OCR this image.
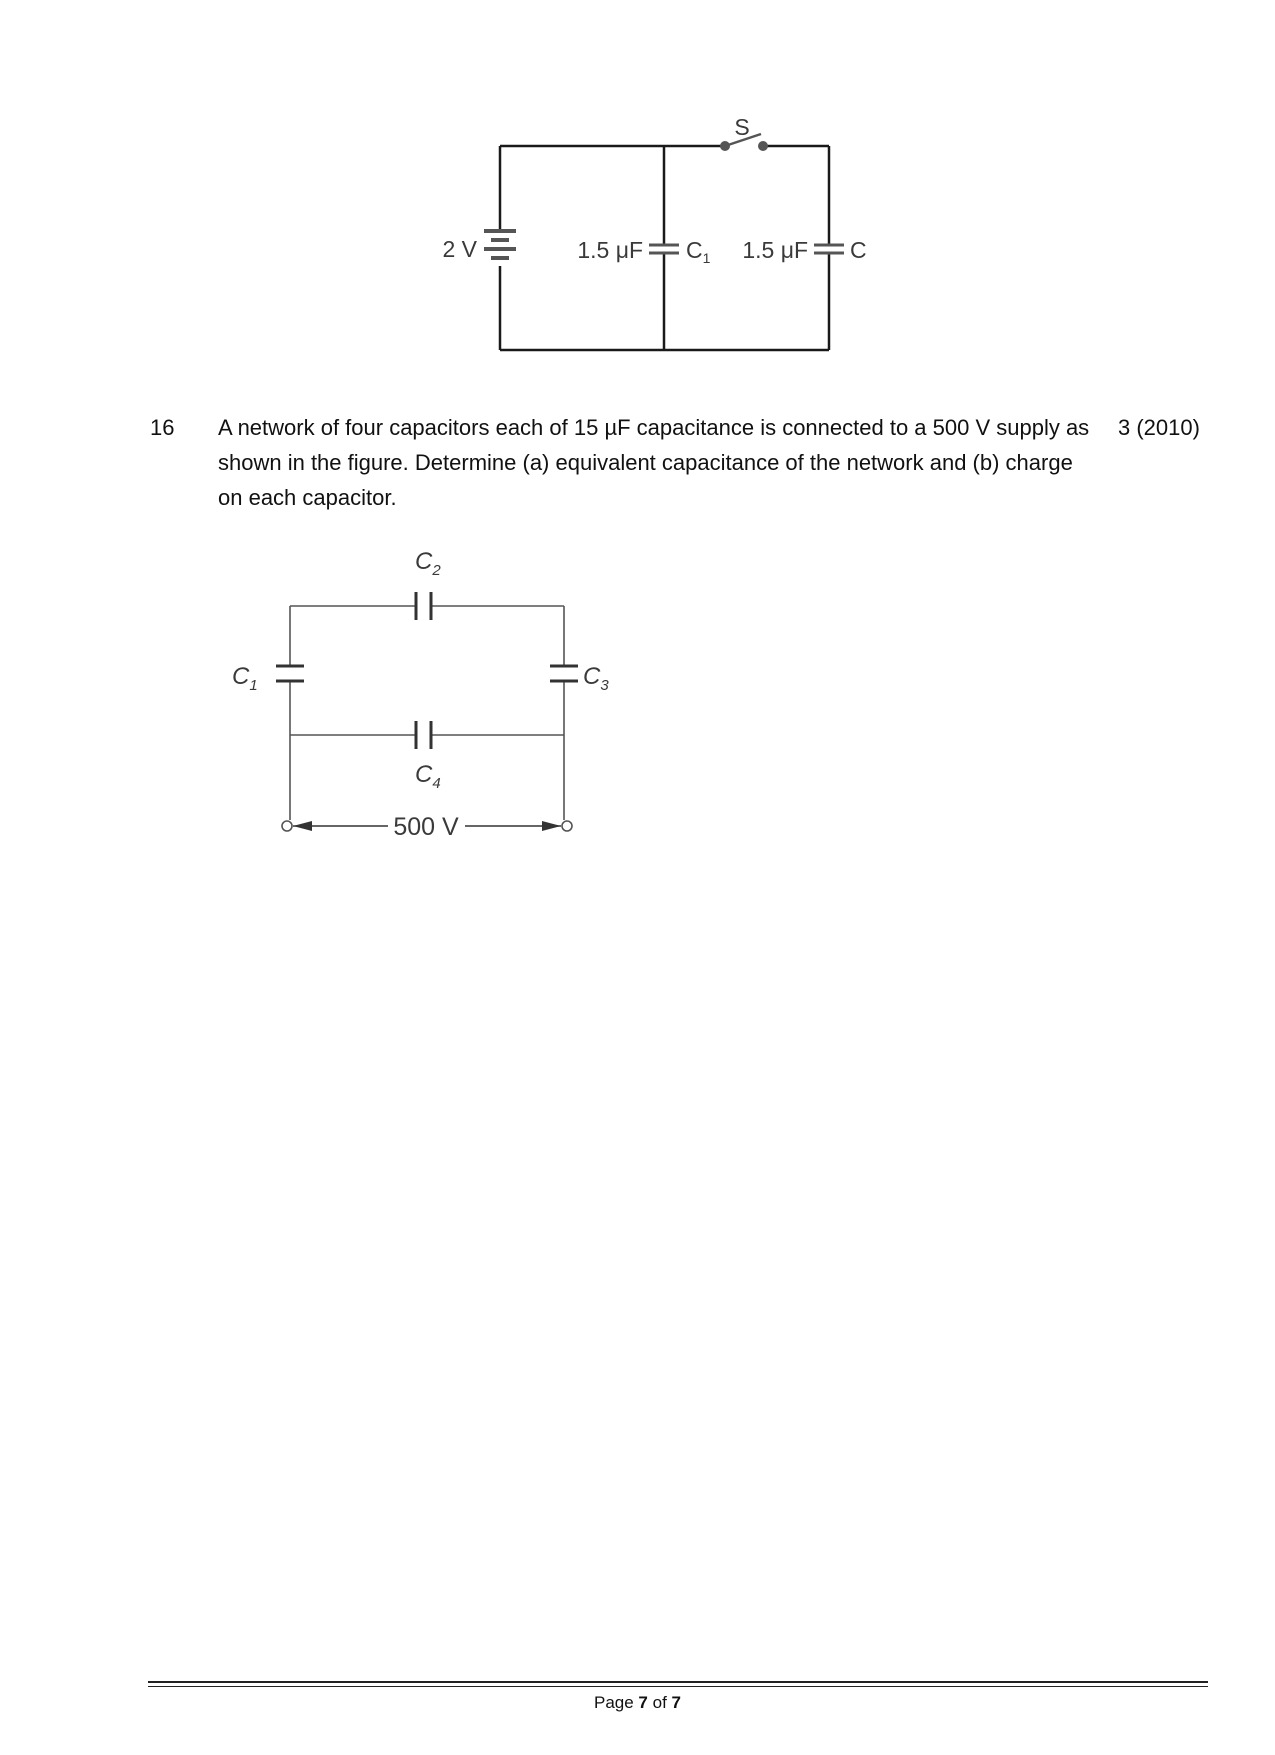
2 V	1.5 μF $C_1$ 1.5 μF C
S
16 A network of four capacitors each of 15 µF capacitance is connected to a 500 V supply as shown in the figure. Determine (a) equivalent capacitance of the network and (b) charge on each capacitor.

3 (2010)
$C_2$
$C_4$
$C_1$	$C_3$
500 V
Page 7 of 7
